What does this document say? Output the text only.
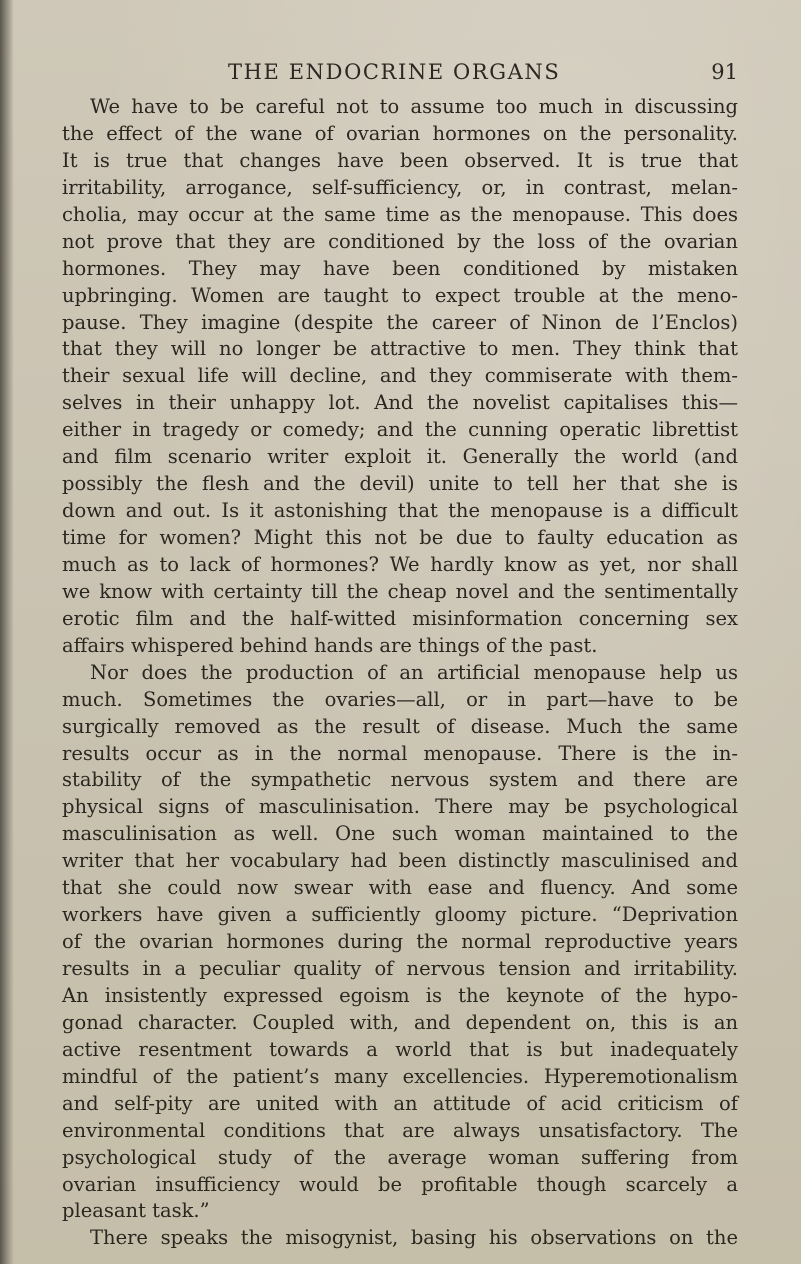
THE ENDOCRINE ORGANS	91
We have to be careful not to assume too much in discussing
the effect of the wane of ovarian hormones on the personality.
It is true that changes have been observed. It is true that
irritability, arrogance, self-sufficiency, or, in contrast, melan-
cholia, may occur at the same time as the menopause. This does
not prove that they are conditioned by the loss of the ovarian
hormones. They may have been conditioned by mistaken
upbringing. Women are taught to expect trouble at the meno-
pause. They imagine (despite the career of Ninon de l’Enclos)
that they will no longer be attractive to men. They think that
their sexual life will decline, and they commiserate with them-
selves in their unhappy lot. And the novelist capitalises this—
either in tragedy or comedy; and the cunning operatic librettist
and film scenario writer exploit it. Generally the world (and
possibly the flesh and the devil) unite to tell her that she is
down and out. Is it astonishing that the menopause is a difficult
time for women? Might this not be due to faulty education as
much as to lack of hormones? We hardly know as yet, nor shall
we know with certainty till the cheap novel and the sentimentally
erotic film and the half-witted misinformation concerning sex
affairs whispered behind hands are things of the past.
Nor does the production of an artificial menopause help us
much. Sometimes the ovaries—all, or in part—have to be
surgically removed as the result of disease. Much the same
results occur as in the normal menopause. There is the in-
stability of the sympathetic nervous system and there are
physical signs of masculinisation. There may be psychological
masculinisation as well. One such woman maintained to the
writer that her vocabulary had been distinctly masculinised and
that she could now swear with ease and fluency. And some
workers have given a sufficiently gloomy picture. “Deprivation
of the ovarian hormones during the normal reproductive years
results in a peculiar quality of nervous tension and irritability.
An insistently expressed egoism is the keynote of the hypo-
gonad character. Coupled with, and dependent on, this is an
active resentment towards a world that is but inadequately
mindful of the patient’s many excellencies. Hyperemotionalism
and self-pity are united with an attitude of acid criticism of
environmental conditions that are always unsatisfactory. The
psychological study of the average woman suffering from
ovarian insufficiency would be profitable though scarcely a
pleasant task.”
There speaks the misogynist, basing his observations on the
